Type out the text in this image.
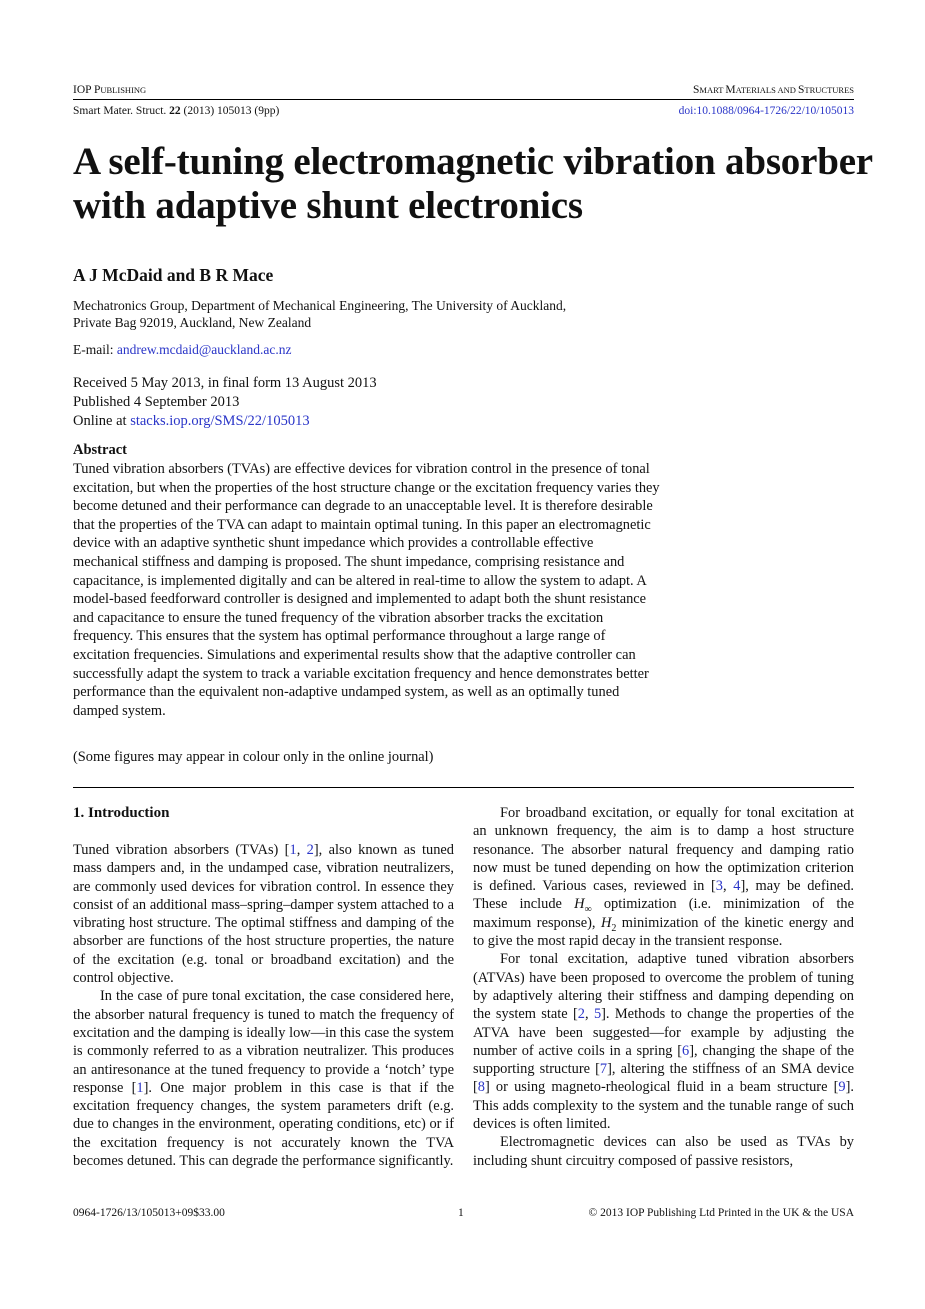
IOP PUBLISHING	SMART MATERIALS AND STRUCTURES
Smart Mater. Struct. 22 (2013) 105013 (9pp)	doi:10.1088/0964-1726/22/10/105013
A self-tuning electromagnetic vibration absorber with adaptive shunt electronics
A J McDaid and B R Mace
Mechatronics Group, Department of Mechanical Engineering, The University of Auckland,
Private Bag 92019, Auckland, New Zealand
E-mail: andrew.mcdaid@auckland.ac.nz
Received 5 May 2013, in final form 13 August 2013
Published 4 September 2013
Online at stacks.iop.org/SMS/22/105013
Abstract

Tuned vibration absorbers (TVAs) are effective devices for vibration control in the presence of tonal excitation, but when the properties of the host structure change or the excitation frequency varies they become detuned and their performance can degrade to an unacceptable level. It is therefore desirable that the properties of the TVA can adapt to maintain optimal tuning. In this paper an electromagnetic device with an adaptive synthetic shunt impedance which provides a controllable effective mechanical stiffness and damping is proposed. The shunt impedance, comprising resistance and capacitance, is implemented digitally and can be altered in real-time to allow the system to adapt. A model-based feedforward controller is designed and implemented to adapt both the shunt resistance and capacitance to ensure the tuned frequency of the vibration absorber tracks the excitation frequency. This ensures that the system has optimal performance throughout a large range of excitation frequencies. Simulations and experimental results show that the adaptive controller can successfully adapt the system to track a variable excitation frequency and hence demonstrates better performance than the equivalent non-adaptive undamped system, as well as an optimally tuned damped system.

(Some figures may appear in colour only in the online journal)
1. Introduction

Tuned vibration absorbers (TVAs) [1, 2], also known as tuned mass dampers and, in the undamped case, vibration neutralizers, are commonly used devices for vibration control. In essence they consist of an additional mass–spring–damper system attached to a vibrating host structure. The optimal stiffness and damping of the absorber are functions of the host structure properties, the nature of the excitation (e.g. tonal or broadband excitation) and the control objective.

In the case of pure tonal excitation, the case considered here, the absorber natural frequency is tuned to match the frequency of excitation and the damping is ideally low—in this case the system is commonly referred to as a vibration neutralizer. This produces an antiresonance at the tuned frequency to provide a ‘notch’ type response [1]. One major problem in this case is that if the excitation frequency changes, the system parameters drift (e.g. due to changes in the environment, operating conditions, etc) or if the excitation frequency is not accurately known the TVA becomes detuned. This can degrade the performance significantly.

For broadband excitation, or equally for tonal excitation at an unknown frequency, the aim is to damp a host structure resonance. The absorber natural frequency and damping ratio now must be tuned depending on how the optimization criterion is defined. Various cases, reviewed in [3, 4], may be defined. These include $H_\infty$ optimization (i.e. minimization of the maximum response), $H_2$ minimization of the kinetic energy and to give the most rapid decay in the transient response.

For tonal excitation, adaptive tuned vibration absorbers (ATVAs) have been proposed to overcome the problem of tuning by adaptively altering their stiffness and damping depending on the system state [2, 5]. Methods to change the properties of the ATVA have been suggested—for example by adjusting the number of active coils in a spring [6], changing the shape of the supporting structure [7], altering the stiffness of an SMA device [8] or using magneto-rheological fluid in a beam structure [9]. This adds complexity to the system and the tunable range of such devices is often limited.

Electromagnetic devices can also be used as TVAs by including shunt circuitry composed of passive resistors,

0964-1726/13/105013+09$33.00	1	© 2013 IOP Publishing Ltd Printed in the UK & the USA
